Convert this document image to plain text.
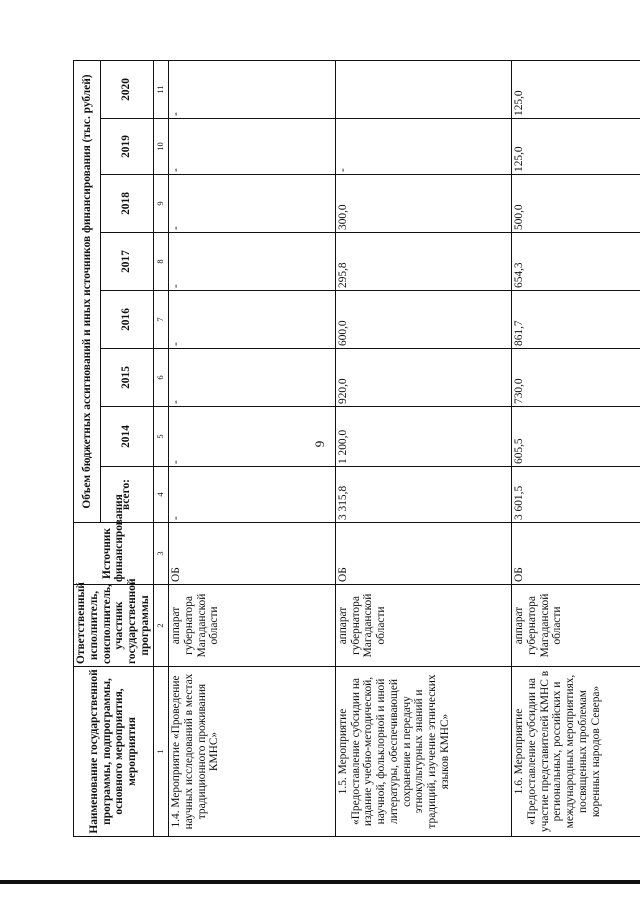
9
Наименование государственной программы, подпрограммы, основного мероприятия, мероприятия	Ответственный исполнитель, соисполнитель, участник государственной программы	Источник финансирования	Объем бюджетных ассигнований и иных источников финансирования (тыс. рублей)							
			всего:	2014	2015	2016	2017	2018	2019	2020
1	2	3	4	5	6	7	8	9	10	11
1.4. Мероприятие «Проведение научных исследований в местах традиционного проживания КМНС»	аппарат губернатора Магаданской области	ОБ	-	-	-	-	-	-	-	-
1.5. Мероприятие «Предоставление субсидии на издание учебно-методической, научной, фольклорной и иной литературы, обеспечивающей сохранение и передачу этнокультурных знаний и традиций, изучение этнических языков КМНС»	аппарат губернатора Магаданской области	ОБ	3 315,8	1 200,0	920,0	600,0	295,8	300,0	-	
1.6. Мероприятие «Предоставление субсидии на участие представителей КМНС в региональных, российских и международных мероприятиях, посвященных проблемам коренных народов Севера»	аппарат губернатора Магаданской области	ОБ	3 601,5	605,5	730,0	861,7	654,3	500,0	125,0	125,0
